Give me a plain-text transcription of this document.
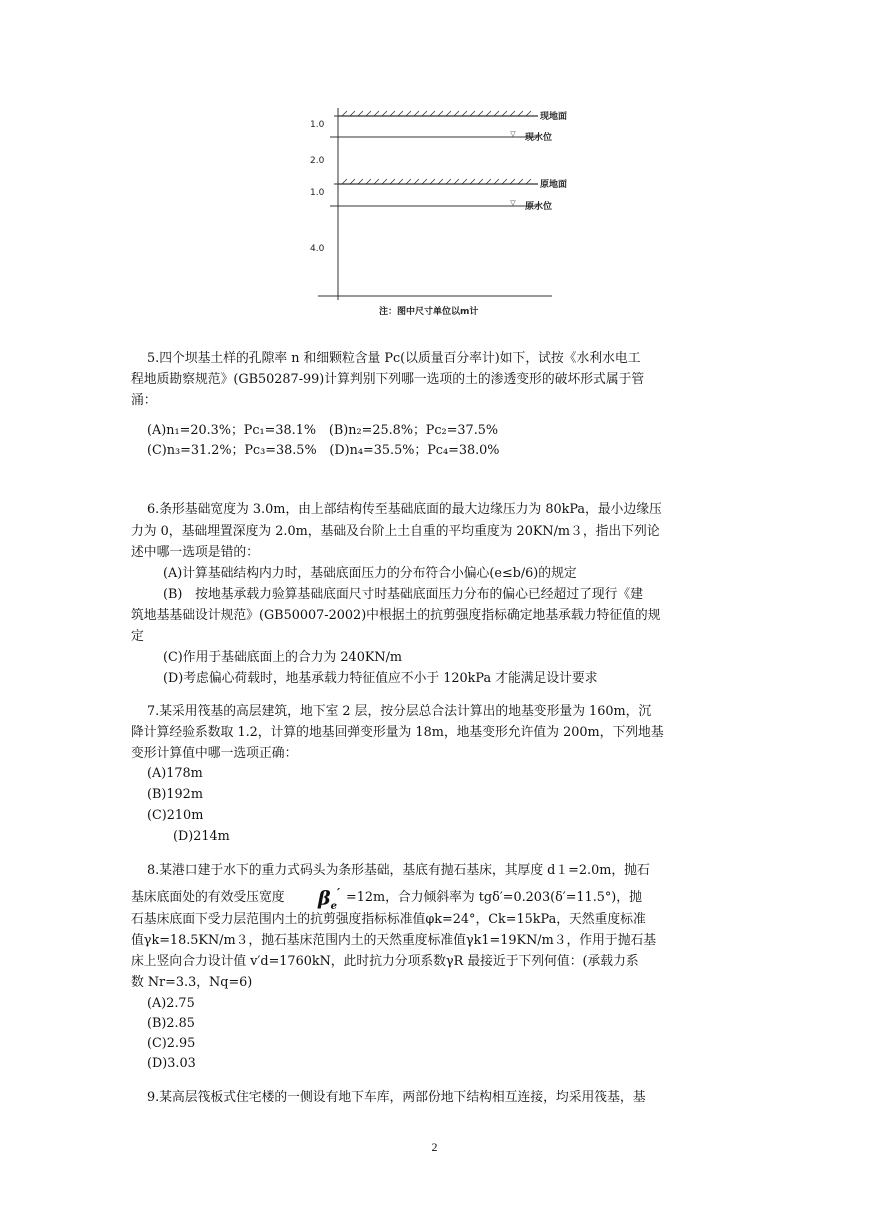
▽
▽
1.0
2.0
1.0
4.0
现地面
现水位
原地面
原水位
注：图中尺寸单位以m计
5.四个坝基土样的孔隙率 n 和细颗粒含量 Pc(以质量百分率计)如下，试按《水利水电工
程地质勘察规范》(GB50287-99)计算判别下列哪一选项的土的渗透变形的破坏形式属于管
涌：
(A)n₁=20.3%；Pc₁=38.1%　(B)n₂=25.8%；Pc₂=37.5%
(C)n₃=31.2%；Pc₃=38.5%　(D)n₄=35.5%；Pc₄=38.0%
6.条形基础宽度为 3.0m，由上部结构传至基础底面的最大边缘压力为 80kPa，最小边缘压
力为 0，基础埋置深度为 2.0m，基础及台阶上土自重的平均重度为 20KN/m３，指出下列论
述中哪一选项是错的：
(A)计算基础结构内力时，基础底面压力的分布符合小偏心(e≤b/6)的规定
(B)　按地基承载力验算基础底面尺寸时基础底面压力分布的偏心已经超过了现行《建
筑地基基础设计规范》(GB50007-2002)中根据土的抗剪强度指标确定地基承载力特征值的规
定
(C)作用于基础底面上的合力为 240KN/m
(D)考虑偏心荷载时，地基承载力特征值应不小于 120kPa 才能满足设计要求
7.某采用筏基的高层建筑，地下室 2 层，按分层总合法计算出的地基变形量为 160m，沉
降计算经验系数取 1.2，计算的地基回弹变形量为 18m，地基变形允许值为 200m，下列地基
变形计算值中哪一选项正确：
(A)178m
(B)192m
(C)210m
(D)214m
8.某港口建于水下的重力式码头为条形基础，基底有抛石基床，其厚度 d１=2.0m，抛石
基床底面处的有效受压宽度 $\beta_e' =12m$，合力倾斜率为 tgδ′=0.203(δ′=11.5°)，抛
石基床底面下受力层范围内土的抗剪强度指标标准值φk=24°，Ck=15kPa，天然重度标准
值γk=18.5KN/m３，抛石基床范围内土的天然重度标准值γk1=19KN/m３，作用于抛石基
床上竖向合力设计值 v′d=1760kN，此时抗力分项系数γR 最接近于下列何值：(承载力系
数 Nr=3.3，Nq=6)
(A)2.75
(B)2.85
(C)2.95
(D)3.03
9.某高层筏板式住宅楼的一侧设有地下车库，两部份地下结构相互连接，均采用筏基，基
2
